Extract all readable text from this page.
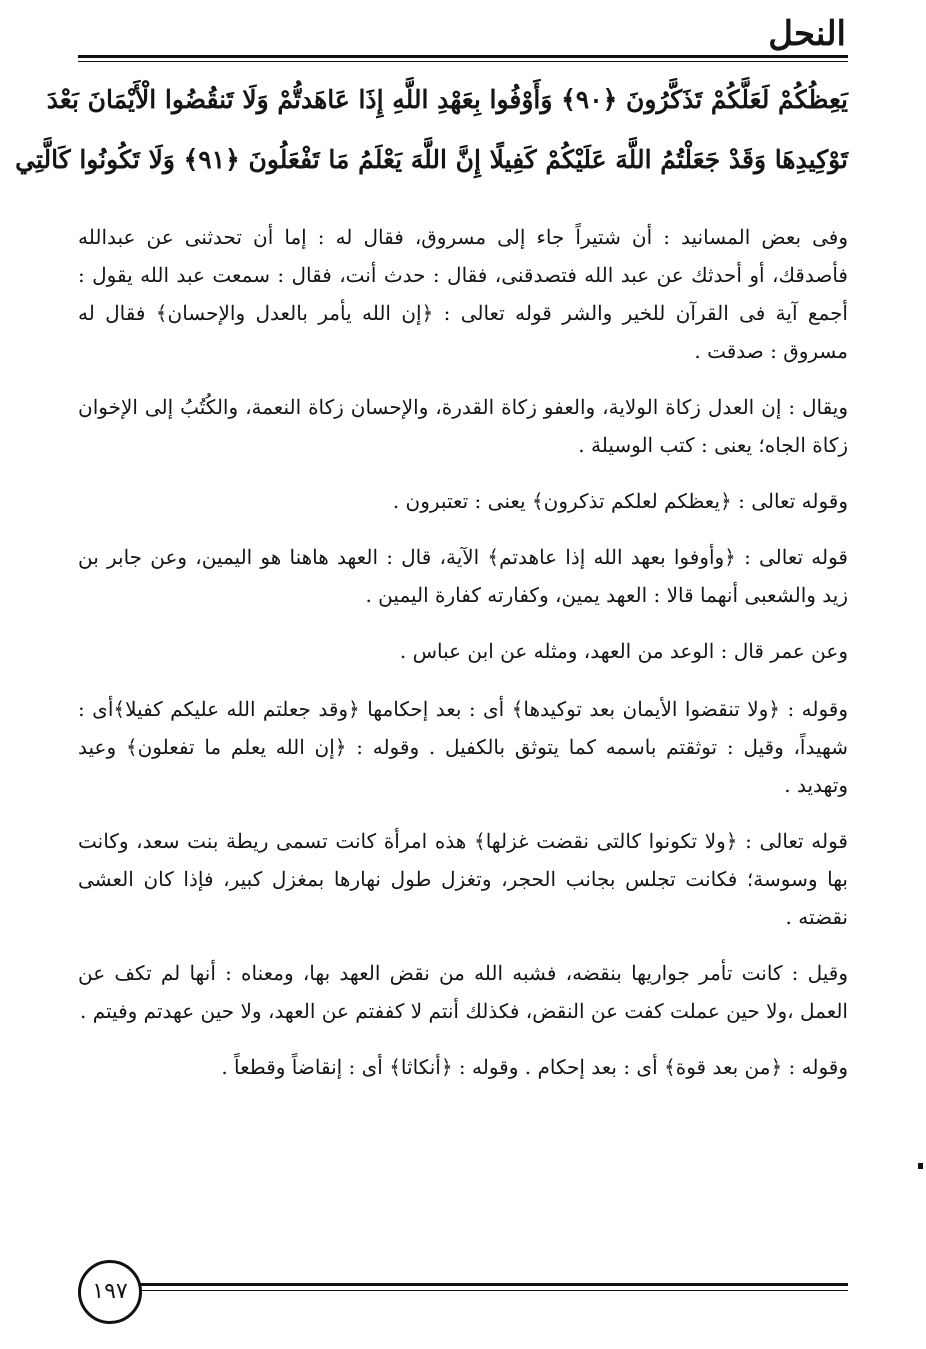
النحل
يَعِظُكُمْ لَعَلَّكُمْ تَذَكَّرُونَ ﴿٩٠﴾ وَأَوْفُوا بِعَهْدِ اللَّهِ إِذَا عَاهَدتُّمْ وَلَا تَنقُضُوا الْأَيْمَانَ بَعْدَ
تَوْكِيدِهَا وَقَدْ جَعَلْتُمُ اللَّهَ عَلَيْكُمْ كَفِيلًا إِنَّ اللَّهَ يَعْلَمُ مَا تَفْعَلُونَ ﴿٩١﴾ وَلَا تَكُونُوا كَالَّتِي

وفى بعض المسانيد : أن شتيراً جاء إلى مسروق، فقال له : إما أن تحدثنى عن عبدالله فأصدقك، أو أحدثك عن عبد الله فتصدقنى، فقال : حدث أنت، فقال : سمعت عبد الله يقول : أجمع آية فى القرآن للخير والشر قوله تعالى : ﴿إن الله يأمر بالعدل والإحسان﴾ فقال له مسروق : صدقت .

ويقال : إن العدل زكاة الولاية، والعفو زكاة القدرة، والإحسان زكاة النعمة، والكُتُبُ إلى الإخوان زكاة الجاه؛ يعنى : كتب الوسيلة .

وقوله تعالى : ﴿يعظكم لعلكم تذكرون﴾ يعنى : تعتبرون .

قوله تعالى : ﴿وأوفوا بعهد الله إذا عاهدتم﴾ الآية، قال : العهد هاهنا هو اليمين، وعن جابر بن زيد والشعبى أنهما قالا : العهد يمين، وكفارته كفارة اليمين .

وعن عمر قال : الوعد من العهد، ومثله عن ابن عباس .

وقوله : ﴿ولا تنقضوا الأيمان بعد توكيدها﴾ أى : بعد إحكامها ﴿وقد جعلتم الله عليكم كفيلا﴾أى : شهيداً، وقيل : توثقتم باسمه كما يتوثق بالكفيل . وقوله : ﴿إن الله يعلم ما تفعلون﴾ وعيد وتهديد .

قوله تعالى : ﴿ولا تكونوا كالتى نقضت غزلها﴾ هذه امرأة كانت تسمى ريطة بنت سعد، وكانت بها وسوسة؛ فكانت تجلس بجانب الحجر، وتغزل طول نهارها بمغزل كبير، فإذا كان العشى نقضته .

وقيل : كانت تأمر جواريها بنقضه، فشبه الله من نقض العهد بها، ومعناه : أنها لم تكف عن العمل ،ولا حين عملت كفت عن النقض، فكذلك أنتم لا كففتم عن العهد، ولا حين عهدتم وفيتم .

وقوله : ﴿من بعد قوة﴾ أى : بعد إحكام . وقوله : ﴿أنكاثا﴾ أى : إنقاضاً وقطعاً .

١٩٧
